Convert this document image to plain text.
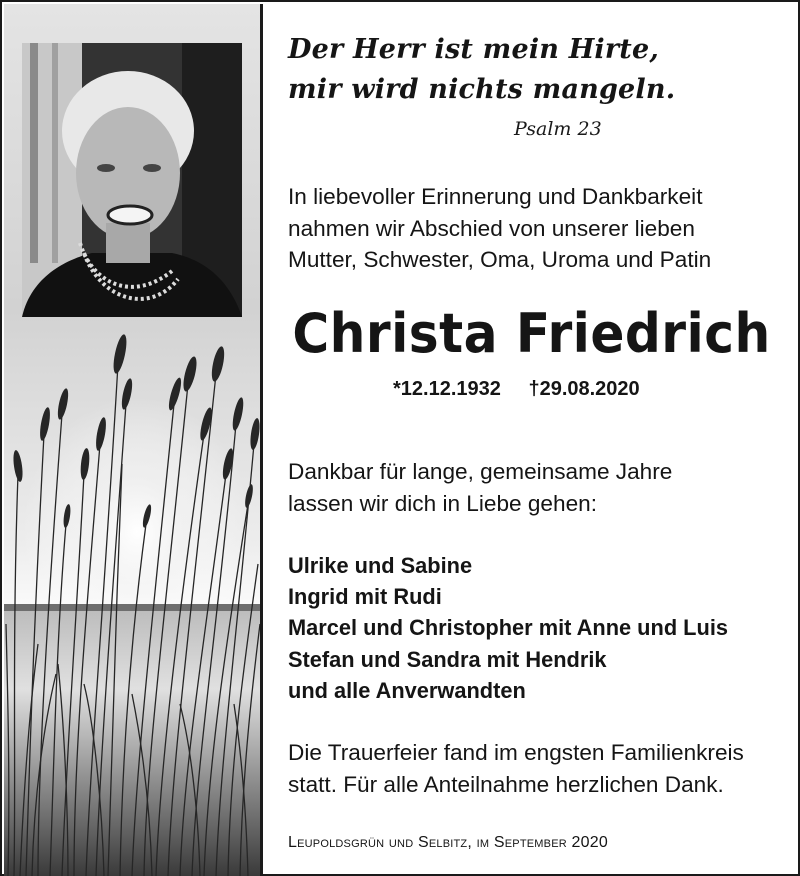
Der Herr ist mein Hirte,
mir wird nichts mangeln.
Psalm 23
In liebevoller Erinnerung und Dankbarkeit
nahmen wir Abschied von unserer lieben
Mutter, Schwester, Oma, Uroma und Patin
Christa Friedrich
*12.12.1932 †29.08.2020
Dankbar für lange, gemeinsame Jahre
lassen wir dich in Liebe gehen:
Ulrike und Sabine
Ingrid mit Rudi
Marcel und Christopher mit Anne und Luis
Stefan und Sandra mit Hendrik
und alle Anverwandten
Die Trauerfeier fand im engsten Familienkreis
statt. Für alle Anteilnahme herzlichen Dank.
Leupoldsgrün und Selbitz, im September 2020
